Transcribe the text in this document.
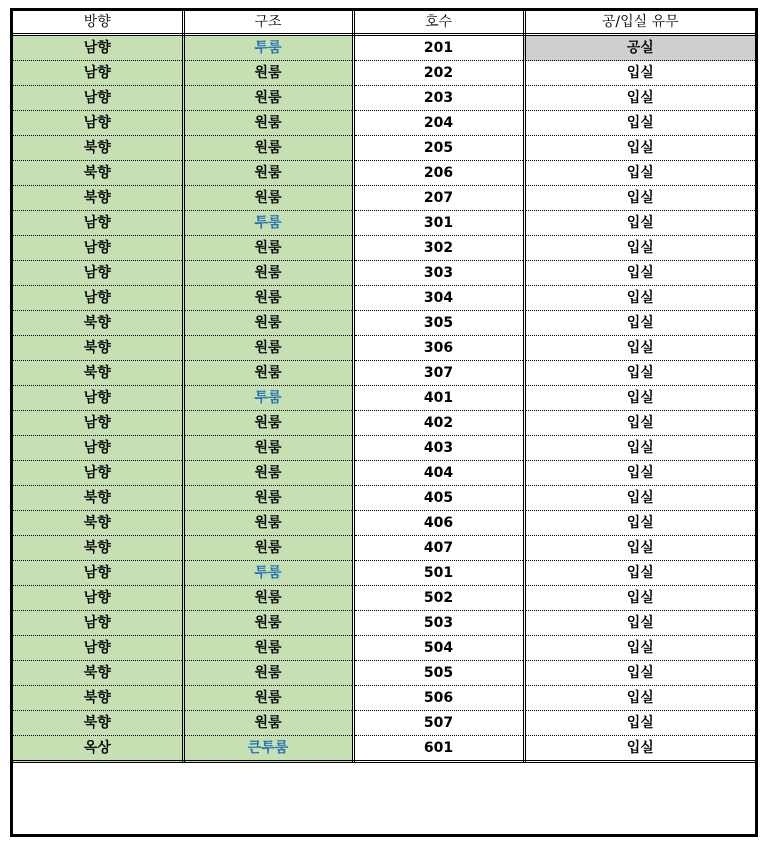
방향	구조	호수	공/입실 유무
남향	투룸	201	공실
남향	원룸	202	입실
남향	원룸	203	입실
남향	원룸	204	입실
북향	원룸	205	입실
북향	원룸	206	입실
북향	원룸	207	입실
남향	투룸	301	입실
남향	원룸	302	입실
남향	원룸	303	입실
남향	원룸	304	입실
북향	원룸	305	입실
북향	원룸	306	입실
북향	원룸	307	입실
남향	투룸	401	입실
남향	원룸	402	입실
남향	원룸	403	입실
남향	원룸	404	입실
북향	원룸	405	입실
북향	원룸	406	입실
북향	원룸	407	입실
남향	투룸	501	입실
남향	원룸	502	입실
남향	원룸	503	입실
남향	원룸	504	입실
북향	원룸	505	입실
북향	원룸	506	입실
북향	원룸	507	입실
옥상	큰투룸	601	입실
